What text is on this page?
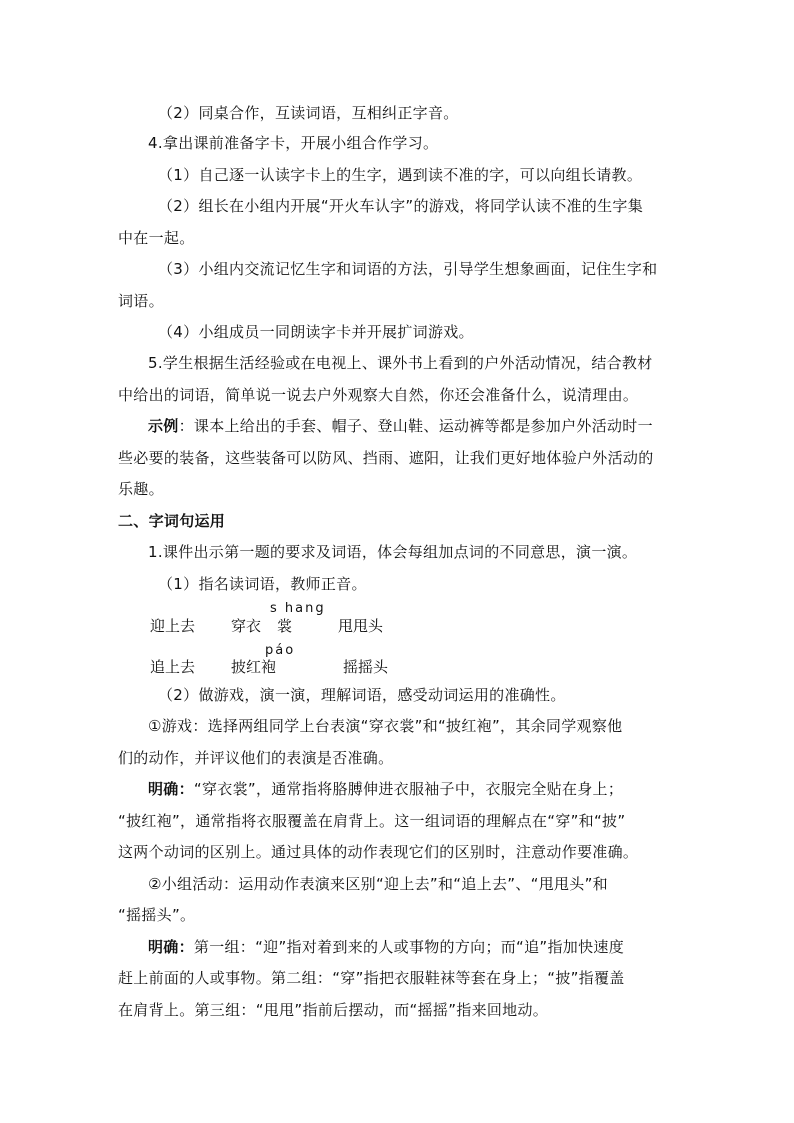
（2）同桌合作，互读词语，互相纠正字音。
4.拿出课前准备字卡，开展小组合作学习。
（1）自己逐一认读字卡上的生字，遇到读不准的字，可以向组长请教。
（2）组长在小组内开展“开火车认字”的游戏，将同学认读不准的生字集
中在一起。
（3）小组内交流记忆生字和词语的方法，引导学生想象画面，记住生字和
词语。
（4）小组成员一同朗读字卡并开展扩词游戏。
5.学生根据生活经验或在电视上、课外书上看到的户外活动情况，结合教材
中给出的词语，简单说一说去户外观察大自然，你还会准备什么，说清理由。
示例：课本上给出的手套、帽子、登山鞋、运动裤等都是参加户外活动时一
些必要的装备，这些装备可以防风、挡雨、遮阳，让我们更好地体验户外活动的
乐趣。
二、字词句运用
1.课件出示第一题的要求及词语，体会每组加点词的不同意思，演一演。
（1）指名读词语，教师正音。
s hang
迎上去 穿衣 裳	甩甩头
páo
追上去 披红袍	摇摇头
（2）做游戏，演一演，理解词语，感受动词运用的准确性。
①游戏：选择两组同学上台表演“穿衣裳”和“披红袍”，其余同学观察他
们的动作，并评议他们的表演是否准确。
明确：“穿衣裳”，通常指将胳膊伸进衣服袖子中，衣服完全贴在身上；
“披红袍”，通常指将衣服覆盖在肩背上。这一组词语的理解点在“穿”和“披”
这两个动词的区别上。通过具体的动作表现它们的区别时，注意动作要准确。
②小组活动：运用动作表演来区别“迎上去”和“追上去”、“甩甩头”和
“摇摇头”。
明确：第一组：“迎”指对着到来的人或事物的方向；而“追”指加快速度
赶上前面的人或事物。第二组：“穿”指把衣服鞋袜等套在身上；“披”指覆盖
在肩背上。第三组：“甩甩”指前后摆动，而“摇摇”指来回地动。
